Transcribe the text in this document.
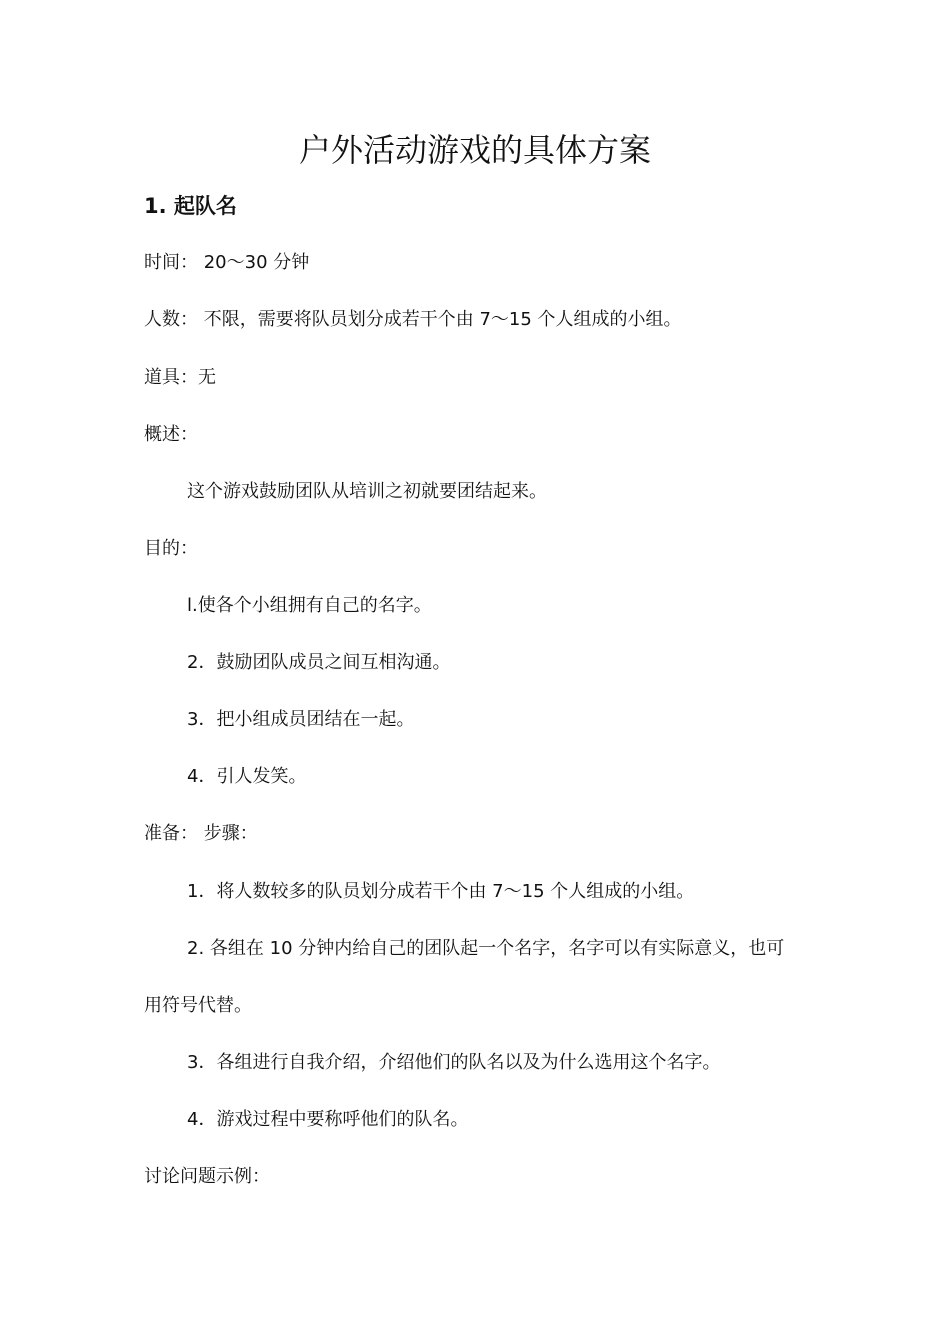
户外活动游戏的具体方案
1. 起队名

时间： 20～30 分钟

人数： 不限，需要将队员划分成若干个由 7～15 个人组成的小组。

道具：无

概述：

这个游戏鼓励团队从培训之初就要团结起来。

目的：

l.使各个小组拥有自己的名字。

2．鼓励团队成员之间互相沟通。

3．把小组成员团结在一起。

4．引人发笑。

准备： 步骤：

1．将人数较多的队员划分成若干个由 7～15 个人组成的小组。

2. 各组在 10 分钟内给自己的团队起一个名字，名字可以有实际意义，也可

用符号代替。

3．各组进行自我介绍，介绍他们的队名以及为什么选用这个名字。

4．游戏过程中要称呼他们的队名。

讨论问题示例：
